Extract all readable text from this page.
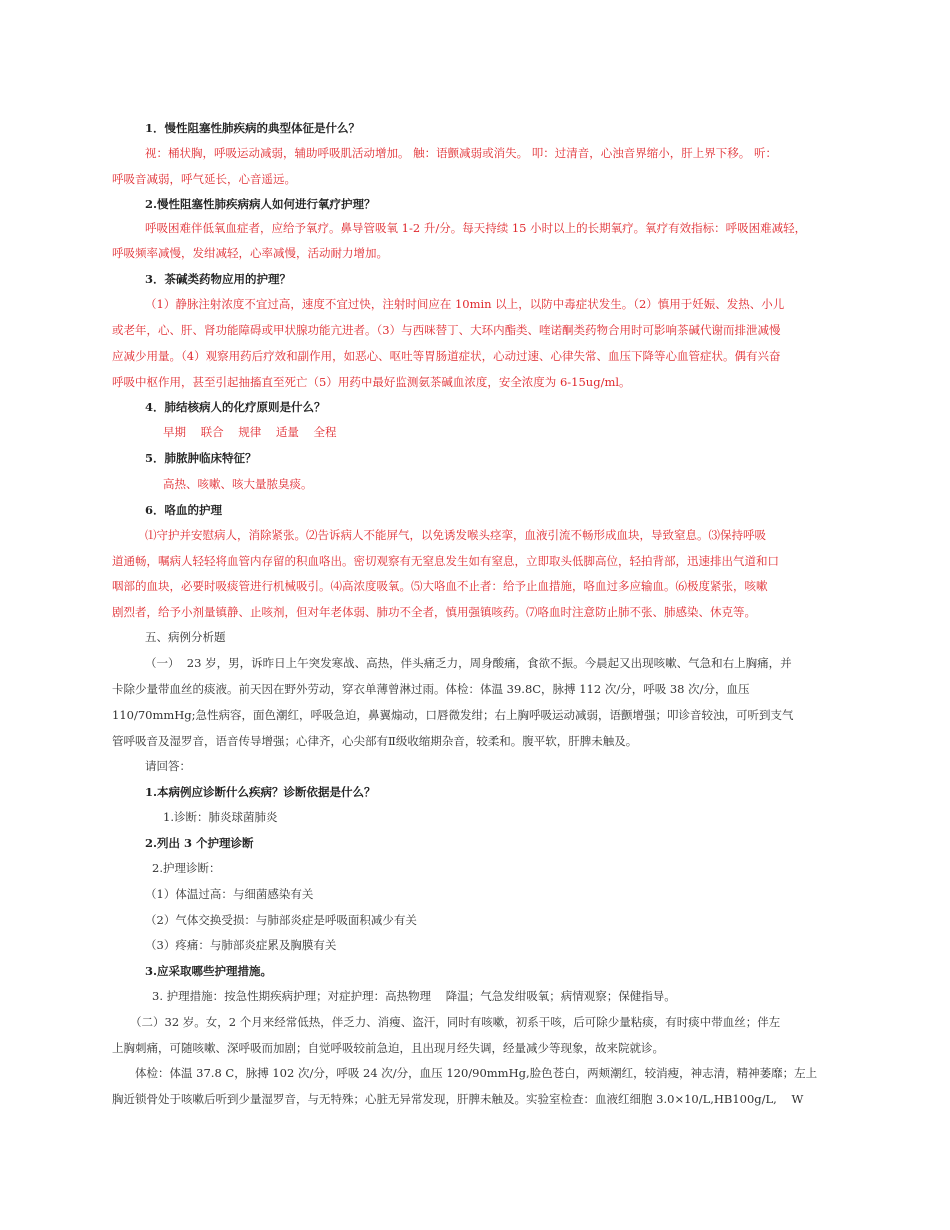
1．慢性阻塞性肺疾病的典型体征是什么？
视：桶状胸，呼吸运动减弱，辅助呼吸肌活动增加。 触：语颤减弱或消失。 叩：过清音，心浊音界缩小，肝上界下移。 听：
呼吸音减弱，呼气延长，心音遥远。
2.慢性阻塞性肺疾病病人如何进行氧疗护理？
呼吸困难伴低氧血症者，应给予氧疗。鼻导管吸氧 1-2 升/分。每天持续 15 小时以上的长期氧疗。氧疗有效指标：呼吸困难减轻，
呼吸频率减慢，发绀减轻，心率减慢，活动耐力增加。
3．茶碱类药物应用的护理？
（1）静脉注射浓度不宜过高，速度不宜过快，注射时间应在 10min 以上，以防中毒症状发生。（2）慎用于妊娠、发热、小儿
或老年，心、肝、肾功能障碍或甲状腺功能亢进者。（3）与西咪替丁、大环内酯类、喹诺酮类药物合用时可影响茶碱代谢而排泄减慢
应减少用量。（4）观察用药后疗效和副作用，如恶心、呕吐等胃肠道症状，心动过速、心律失常、血压下降等心血管症状。偶有兴奋
呼吸中枢作用，甚至引起抽搐直至死亡（5）用药中最好监测氨茶碱血浓度，安全浓度为 6-15ug/ml。
4．肺结核病人的化疗原则是什么？
早期    联合    规律    适量    全程
5．肺脓肿临床特征？
高热、咳嗽、咳大量脓臭痰。
6．咯血的护理
⑴守护并安慰病人，消除紧张。⑵告诉病人不能屏气，以免诱发喉头痉挛，血液引流不畅形成血块，导致窒息。⑶保持呼吸
道通畅，嘱病人轻轻将血管内存留的积血咯出。密切观察有无窒息发生如有窒息，立即取头低脚高位，轻拍背部，迅速排出气道和口
咽部的血块，必要时吸痰管进行机械吸引。⑷高浓度吸氧。⑸大咯血不止者：给予止血措施，咯血过多应输血。⑹极度紧张，咳嗽
剧烈者，给予小剂量镇静、止咳剂，但对年老体弱、肺功不全者，慎用强镇咳药。⑺咯血时注意防止肺不张、肺感染、休克等。
五、病例分析题
（一）  23 岁，男，诉昨日上午突发寒战、高热，伴头痛乏力，周身酸痛，食欲不振。今晨起又出现咳嗽、气急和右上胸痛，并
卡除少量带血丝的痰液。前天因在野外劳动，穿衣单薄曾淋过雨。体检：体温 39.8C，脉搏 112 次/分，呼吸 38 次/分，血压
110/70mmHg;急性病容，面色潮红，呼吸急迫，鼻翼煽动，口唇微发绀；右上胸呼吸运动减弱，语颤增强；叩诊音较浊，可听到支气
管呼吸音及湿罗音，语音传导增强；心律齐，心尖部有Ⅱ级收缩期杂音，较柔和。腹平软，肝脾未触及。
请回答：
1.本病例应诊断什么疾病？诊断依据是什么？
1.诊断：肺炎球菌肺炎
2.列出 3 个护理诊断
2.护理诊断：
（1）体温过高：与细菌感染有关
（2）气体交换受损：与肺部炎症是呼吸面积减少有关
（3）疼痛：与肺部炎症累及胸膜有关
3.应采取哪些护理措施。
3. 护理措施：按急性期疾病护理；对症护理：高热物理    降温；气急发绀吸氧；病情观察；保健指导。
（二）32 岁。女，2 个月来经常低热，伴乏力、消瘦、盗汗，同时有咳嗽，初系干咳，后可除少量粘痰，有时痰中带血丝；伴左
上胸刺痛，可随咳嗽、深呼吸而加剧；自觉呼吸较前急迫，且出现月经失调，经量减少等现象，故来院就诊。
体检：体温 37.8 C，脉搏 102 次/分，呼吸 24 次/分，血压 120/90mmHg,脸色苍白，两颊潮红，较消瘦，神志清，精神萎靡；左上
胸近锁骨处于咳嗽后听到少量湿罗音，与无特殊；心脏无异常发现，肝脾未触及。实验室检查：血液红细胞 3.0×10/L,HB100g/L,    W
